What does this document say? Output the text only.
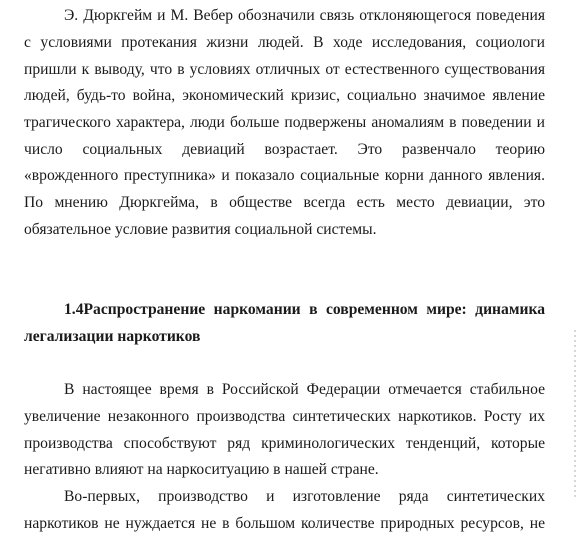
Э. Дюркгейм и М. Вебер обозначили связь отклоняющегося поведения
с условиями протекания жизни людей. В ходе исследования, социологи
пришли к выводу, что в условиях отличных от естественного существования
людей, будь-то война, экономический кризис, социально значимое явление
трагического характера, люди больше подвержены аномалиям в поведении и
число социальных девиаций возрастает. Это развенчало теорию
«врожденного преступника» и показало социальные корни данного явления.
По мнению Дюркгейма, в обществе всегда есть место девиации, это
обязательное условие развития социальной системы.
1.4Распространение наркомании в современном мире: динамика
легализации наркотиков
В настоящее время в Российской Федерации отмечается стабильное
увеличение незаконного производства синтетических наркотиков. Росту их
производства способствуют ряд криминологических тенденций, которые
негативно влияют на наркоситуацию в нашей стране.
Во-первых, производство и изготовление ряда синтетических
наркотиков не нуждается не в большом количестве природных ресурсов, не
